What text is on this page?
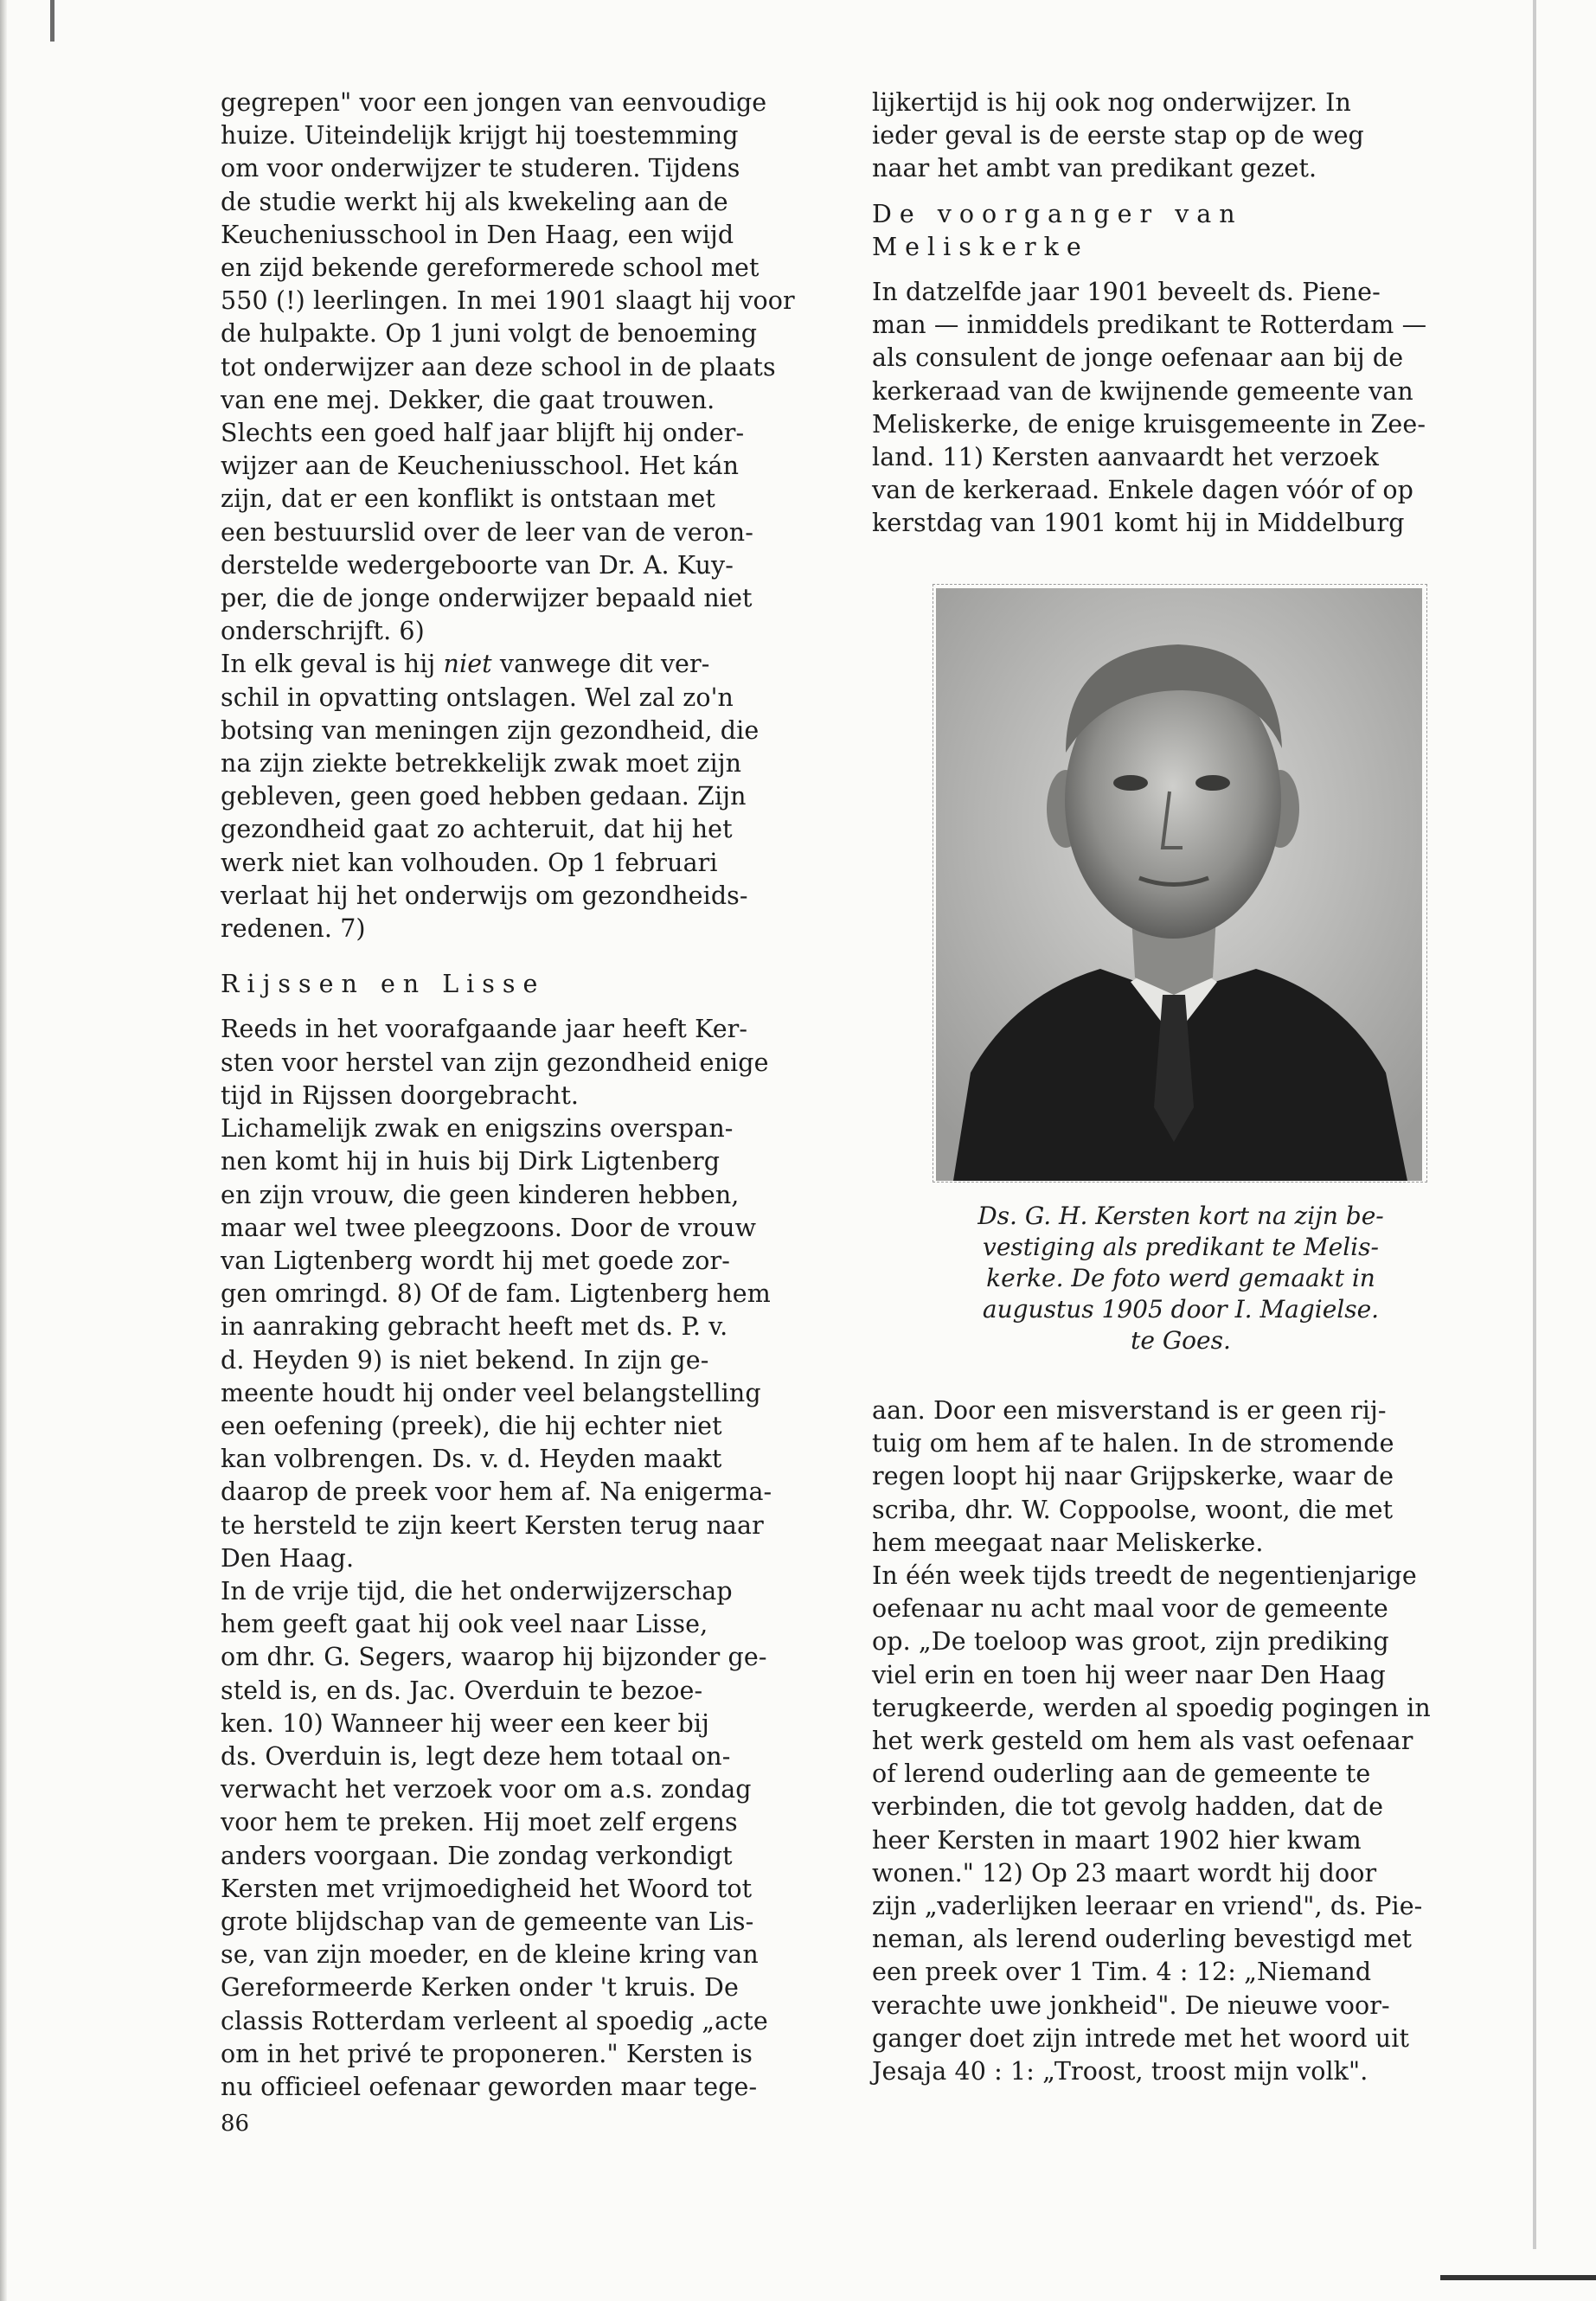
gegrepen" voor een jongen van eenvoudige
huize. Uiteindelijk krijgt hij toestemming
om voor onderwijzer te studeren. Tijdens
de studie werkt hij als kwekeling aan de
Keucheniusschool in Den Haag, een wijd
en zijd bekende gereformerede school met
550 (!) leerlingen. In mei 1901 slaagt hij voor
de hulpakte. Op 1 juni volgt de benoeming
tot onderwijzer aan deze school in de plaats
van ene mej. Dekker, die gaat trouwen.
Slechts een goed half jaar blijft hij onder-
wijzer aan de Keucheniusschool. Het kán
zijn, dat er een konflikt is ontstaan met
een bestuurslid over de leer van de veron-
derstelde wedergeboorte van Dr. A. Kuy-
per, die de jonge onderwijzer bepaald niet
onderschrijft. 6)
In elk geval is hij niet vanwege dit ver-
schil in opvatting ontslagen. Wel zal zo'n
botsing van meningen zijn gezondheid, die
na zijn ziekte betrekkelijk zwak moet zijn
gebleven, geen goed hebben gedaan. Zijn
gezondheid gaat zo achteruit, dat hij het
werk niet kan volhouden. Op 1 februari
verlaat hij het onderwijs om gezondheids-
redenen. 7)
Rijssen en Lisse
Reeds in het voorafgaande jaar heeft Ker-
sten voor herstel van zijn gezondheid enige
tijd in Rijssen doorgebracht.
Lichamelijk zwak en enigszins overspan-
nen komt hij in huis bij Dirk Ligtenberg
en zijn vrouw, die geen kinderen hebben,
maar wel twee pleegzoons. Door de vrouw
van Ligtenberg wordt hij met goede zor-
gen omringd. 8) Of de fam. Ligtenberg hem
in aanraking gebracht heeft met ds. P. v.
d. Heyden 9) is niet bekend. In zijn ge-
meente houdt hij onder veel belangstelling
een oefening (preek), die hij echter niet
kan volbrengen. Ds. v. d. Heyden maakt
daarop de preek voor hem af. Na enigerma-
te hersteld te zijn keert Kersten terug naar
Den Haag.
In de vrije tijd, die het onderwijzerschap
hem geeft gaat hij ook veel naar Lisse,
om dhr. G. Segers, waarop hij bijzonder ge-
steld is, en ds. Jac. Overduin te bezoe-
ken. 10) Wanneer hij weer een keer bij
ds. Overduin is, legt deze hem totaal on-
verwacht het verzoek voor om a.s. zondag
voor hem te preken. Hij moet zelf ergens
anders voorgaan. Die zondag verkondigt
Kersten met vrijmoedigheid het Woord tot
grote blijdschap van de gemeente van Lis-
se, van zijn moeder, en de kleine kring van
Gereformeerde Kerken onder 't kruis. De
classis Rotterdam verleent al spoedig „acte
om in het privé te proponeren." Kersten is
nu officieel oefenaar geworden maar tege-
lijkertijd is hij ook nog onderwijzer. In
ieder geval is de eerste stap op de weg
naar het ambt van predikant gezet.
De voorganger van
Meliskerke
In datzelfde jaar 1901 beveelt ds. Piene-
man — inmiddels predikant te Rotterdam —
als consulent de jonge oefenaar aan bij de
kerkeraad van de kwijnende gemeente van
Meliskerke, de enige kruisgemeente in Zee-
land. 11) Kersten aanvaardt het verzoek
van de kerkeraad. Enkele dagen vóór of op
kerstdag van 1901 komt hij in Middelburg
Ds. G. H. Kersten kort na zijn be-
vestiging als predikant te Melis-
kerke. De foto werd gemaakt in
augustus 1905 door I. Magielse.
te Goes.
aan. Door een misverstand is er geen rij-
tuig om hem af te halen. In de stromende
regen loopt hij naar Grijpskerke, waar de
scriba, dhr. W. Coppoolse, woont, die met
hem meegaat naar Meliskerke.
In één week tijds treedt de negentienjarige
oefenaar nu acht maal voor de gemeente
op. „De toeloop was groot, zijn prediking
viel erin en toen hij weer naar Den Haag
terugkeerde, werden al spoedig pogingen in
het werk gesteld om hem als vast oefenaar
of lerend ouderling aan de gemeente te
verbinden, die tot gevolg hadden, dat de
heer Kersten in maart 1902 hier kwam
wonen." 12) Op 23 maart wordt hij door
zijn „vaderlijken leeraar en vriend", ds. Pie-
neman, als lerend ouderling bevestigd met
een preek over 1 Tim. 4 : 12: „Niemand
verachte uwe jonkheid". De nieuwe voor-
ganger doet zijn intrede met het woord uit
Jesaja 40 : 1: „Troost, troost mijn volk".
86
